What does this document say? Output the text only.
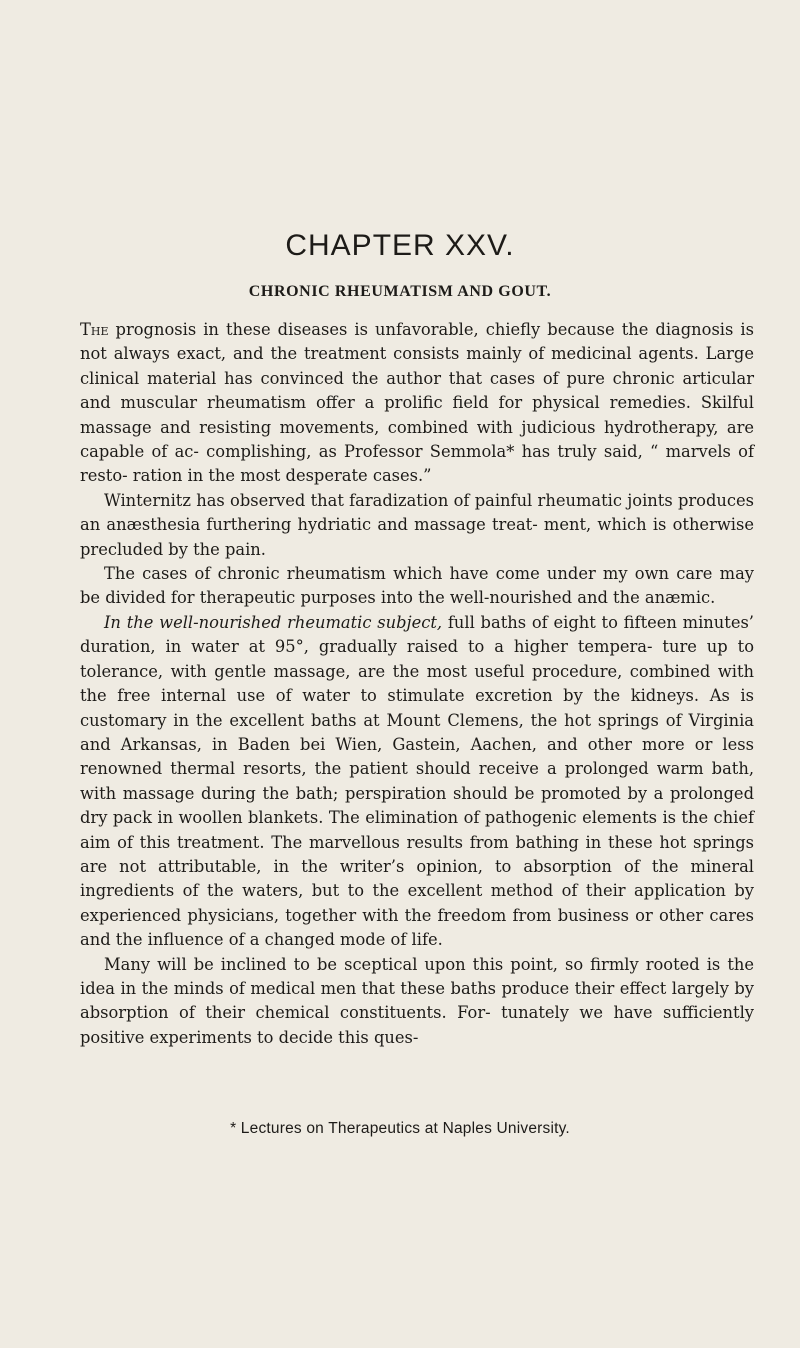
CHAPTER XXV.
CHRONIC RHEUMATISM AND GOUT.

The prognosis in these diseases is unfavorable, chiefly because the diagnosis is not always exact, and the treatment consists mainly of medicinal agents. Large clinical material has convinced the author that cases of pure chronic articular and muscular rheumatism offer a prolific field for physical remedies. Skilful massage and resisting movements, combined with judicious hydrotherapy, are capable of ac- complishing, as Professor Semmola* has truly said, “ marvels of resto- ration in the most desperate cases.”

Winternitz has observed that faradization of painful rheumatic joints produces an anæsthesia furthering hydriatic and massage treat- ment, which is otherwise precluded by the pain.

The cases of chronic rheumatism which have come under my own care may be divided for therapeutic purposes into the well-nourished and the anæmic.

In the well-nourished rheumatic subject, full baths of eight to fifteen minutes’ duration, in water at 95°, gradually raised to a higher tempera- ture up to tolerance, with gentle massage, are the most useful procedure, combined with the free internal use of water to stimulate excretion by the kidneys. As is customary in the excellent baths at Mount Clemens, the hot springs of Virginia and Arkansas, in Baden bei Wien, Gastein, Aachen, and other more or less renowned thermal resorts, the patient should receive a prolonged warm bath, with massage during the bath; perspiration should be promoted by a prolonged dry pack in woollen blankets. The elimination of pathogenic elements is the chief aim of this treatment. The marvellous results from bathing in these hot springs are not attributable, in the writer’s opinion, to absorption of the mineral ingredients of the waters, but to the excellent method of their application by experienced physicians, together with the freedom from business or other cares and the influence of a changed mode of life.

Many will be inclined to be sceptical upon this point, so firmly rooted is the idea in the minds of medical men that these baths produce their effect largely by absorption of their chemical constituents. For- tunately we have sufficiently positive experiments to decide this ques-

* Lectures on Therapeutics at Naples University.
